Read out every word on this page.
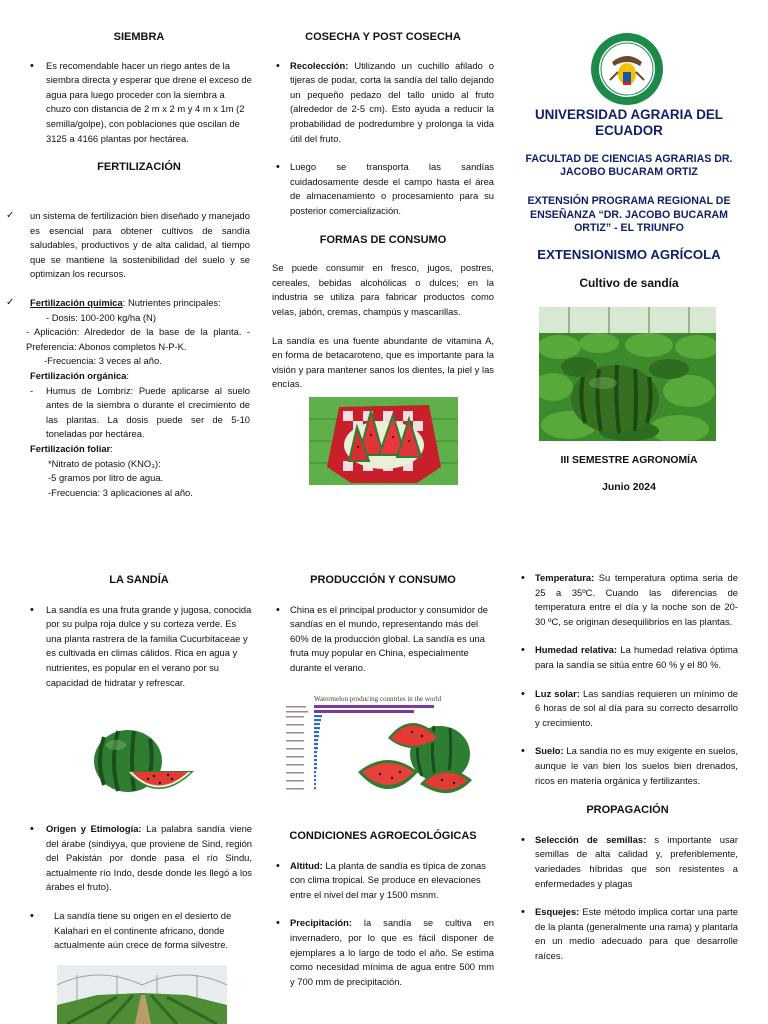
SIEMBRA

• Es recomendable hacer un riego antes de la siembra directa y esperar que drene el exceso de agua para luego proceder con la siembra a chuzo con distancia de 2 m x 2 m y 4 m x 1m (2 semilla/golpe), con poblaciones que oscilan de 3125 a 4166 plantas por hectárea.

FERTILIZACIÓN

✓ un sistema de fertilización bien diseñado y manejado es esencial para obtener cultivos de sandía saludables, productivos y de alta calidad, al tiempo que se mantiene la sostenibilidad del suelo y se optimizan los recursos.

✓ Fertilización química: Nutrientes principales:

- Dosis: 100-200 kg/ha (N)

- Aplicación: Alrededor de la base de la planta. -Preferencia: Abonos completos N-P-K.

-Frecuencia: 3 veces al año.

• Fertilización orgánica:

- Humus de Lombriz: Puede aplicarse al suelo antes de la siembra o durante el crecimiento de las plantas. La dosis puede ser de 5-10 toneladas por hectárea.

• Fertilización foliar:

*Nitrato de potasio (KNO₃):

-5 gramos por litro de agua.

-Frecuencia: 3 aplicaciones al año.

COSECHA Y POST COSECHA

• Recolección: Utilizando un cuchillo afilado o tijeras de podar, corta la sandía del tallo dejando un pequeño pedazo del tallo unido al fruto (alrededor de 2-5 cm). Esto ayuda a reducir la probabilidad de podredumbre y prolonga la vida útil del fruto.

• Luego se transporta las sandías cuidadosamente desde el campo hasta el área de almacenamiento o procesamiento para su posterior comercialización.

FORMAS DE CONSUMO

Se puede consumir en fresco, jugos, postres, cereales, bebidas alcohólicas o dulces; en la industria se utiliza para fabricar productos como velas, jabón, cremas, champús y mascarillas.

La sandía es una fuente abundante de vitamina A, en forma de betacaroteno, que es importante para la visión y para mantener sanos los dientes, la piel y las encías.

UNIVERSIDAD AGRARIA DEL ECUADOR

FACULTAD DE CIENCIAS AGRARIAS DR. JACOBO BUCARAM ORTIZ

EXTENSIÓN PROGRAMA REGIONAL DE ENSEÑANZA “DR. JACOBO BUCARAM ORTIZ” - EL TRIUNFO

EXTENSIONISMO AGRÍCOLA

Cultivo de sandía

III SEMESTRE AGRONOMÍA

Junio 2024

LA SANDÍA

• La sandía es una fruta grande y jugosa, conocida por su pulpa roja dulce y su corteza verde. Es una planta rastrera de la familia Cucurbitaceae y es cultivada en climas cálidos. Rica en agua y nutrientes, es popular en el verano por su capacidad de hidratar y refrescar.

• Origen y Etimología: La palabra sandía viene del árabe (sindiyya, que proviene de Sind, región del Pakistán por donde pasa el río Sindu, actualmente río Indo, desde donde les llegó a los árabes el fruto).

• La sandía tiene su origen en el desierto de Kalahari en el continente africano, donde actualmente aún crece de forma silvestre.

PRODUCCIÓN Y CONSUMO

• China es el principal productor y consumidor de sandías en el mundo, representando más del 60% de la producción global. La sandía es una fruta muy popular en China, especialmente durante el verano.

Watermelon producing countries in the world
CONDICIONES AGROECOLÓGICAS

• Altitud: La planta de sandía es típica de zonas con clima tropical. Se produce en elevaciones entre el nivel del mar y 1500 msnm.

• Precipitación: la sandía se cultiva en invernadero, por lo que es fácil disponer de ejemplares a lo largo de todo el año. Se estima como necesidad mínima de agua entre 500 mm y 700 mm de precipitación.

• Temperatura: Su temperatura optima seria de 25 a 35ºC. Cuando las diferencias de temperatura entre el día y la noche son de 20- 30 ºC, se originan desequilibrios en las plantas.

• Humedad relativa: La humedad relativa óptima para la sandía se sitúa entre 60 % y el 80 %.

• Luz solar: Las sandías requieren un mínimo de 6 horas de sol al día para su correcto desarrollo y crecimiento.

• Suelo: La sandía no es muy exigente en suelos, aunque le van bien los suelos bien drenados, ricos en materia orgánica y fertilizantes.

PROPAGACIÓN

• Selección de semillas: s importante usar semillas de alta calidad y, preferiblemente, variedades híbridas que son resistentes a enfermedades y plagas

• Esquejes: Este método implica cortar una parte de la planta (generalmente una rama) y plantarla en un medio adecuado para que desarrolle raíces.
